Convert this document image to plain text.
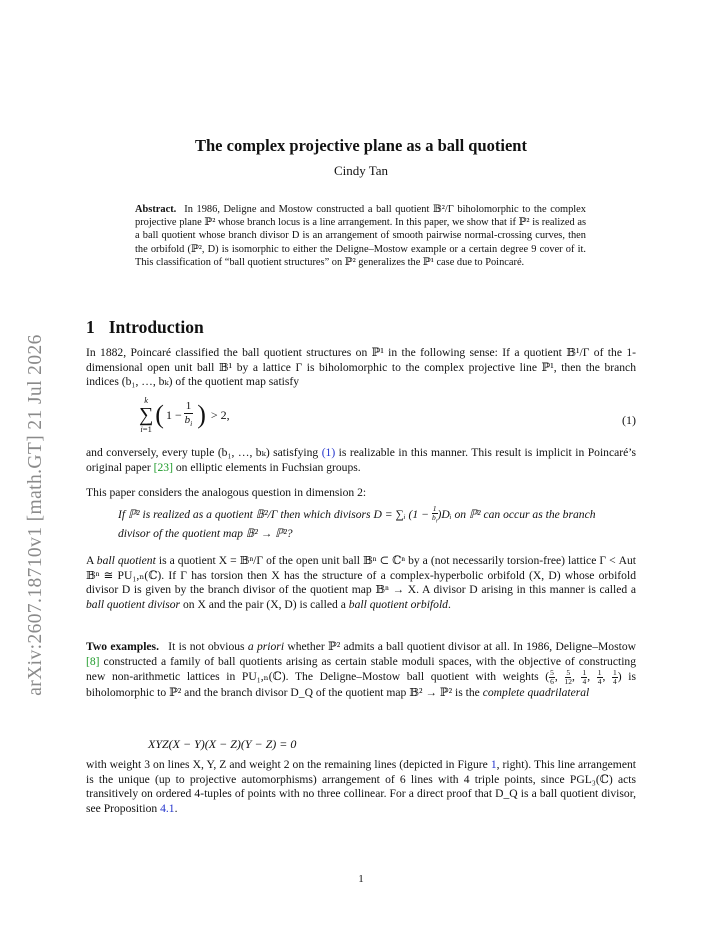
arXiv:2607.18710v1 [math.GT] 21 Jul 2026
The complex projective plane as a ball quotient
Cindy Tan
Abstract. In 1986, Deligne and Mostow constructed a ball quotient 𝔹²/Γ biholomorphic to the complex projective plane ℙ² whose branch locus is a line arrangement. In this paper, we show that if ℙ² is realized as a ball quotient whose branch divisor D is an arrangement of smooth pairwise normal-crossing curves, then the orbifold (ℙ², D) is isomorphic to either the Deligne–Mostow example or a certain degree 9 cover of it. This classification of “ball quotient structures” on ℙ² generalizes the ℙ¹ case due to Poincaré.
1 Introduction
In 1882, Poincaré classified the ball quotient structures on ℙ¹ in the following sense: If a quotient 𝔹¹/Γ of the 1-dimensional open unit ball 𝔹¹ by a lattice Γ is biholomorphic to the complex projective line ℙ¹, then the branch indices (b₁, …, bₖ) of the quotient map satisfy
k
∑
i=1 ( $1 - \frac{1}{b_i}$ ) > 2,	(1)
and conversely, every tuple (b₁, …, bₖ) satisfying (1) is realizable in this manner. This result is implicit in Poincaré’s original paper [23] on elliptic elements in Fuchsian groups.
This paper considers the analogous question in dimension 2:
If ℙ² is realized as a quotient 𝔹²/Γ then which divisors D = ∑ᵢ ($1 - \frac{1}{b_i}$ )Dᵢ on ℙ² can occur as the branch divisor of the quotient map 𝔹² → ℙ²?
A ball quotient is a quotient X = 𝔹ⁿ/Γ of the open unit ball 𝔹ⁿ ⊂ ℂⁿ by a (not necessarily torsion-free) lattice Γ < Aut 𝔹ⁿ ≅ PU₁,ₙ(ℂ). If Γ has torsion then X has the structure of a complex-hyperbolic orbifold (X, D) whose orbifold divisor D is given by the branch divisor of the quotient map 𝔹ⁿ → X. A divisor D arising in this manner is called a ball quotient divisor on X and the pair (X, D) is called a ball quotient orbifold.
Two examples. It is not obvious a priori whether ℙ² admits a ball quotient divisor at all. In 1986, Deligne–Mostow [8] constructed a family of ball quotients arising as certain stable moduli spaces, with the objective of constructing new non-arithmetic lattices in PU₁,ₙ(ℂ). The Deligne–Mostow ball quotient with weights ( $\frac{5}{6}$ , $\frac{5}{12}$ , $\frac{1}{4}$ , $\frac{1}{4}$ , $\frac{1}{4}$ ) is biholomorphic to ℙ² and the branch divisor D_Q of the quotient map 𝔹² → ℙ² is the complete quadrilateral
XYZ(X − Y)(X − Z)(Y − Z) = 0
with weight 3 on lines X, Y, Z and weight 2 on the remaining lines (depicted in Figure 1, right). This line arrangement is the unique (up to projective automorphisms) arrangement of 6 lines with 4 triple points, since PGL₃(ℂ) acts transitively on ordered 4-tuples of points with no three collinear. For a direct proof that D_Q is a ball quotient divisor, see Proposition 4.1.
1
